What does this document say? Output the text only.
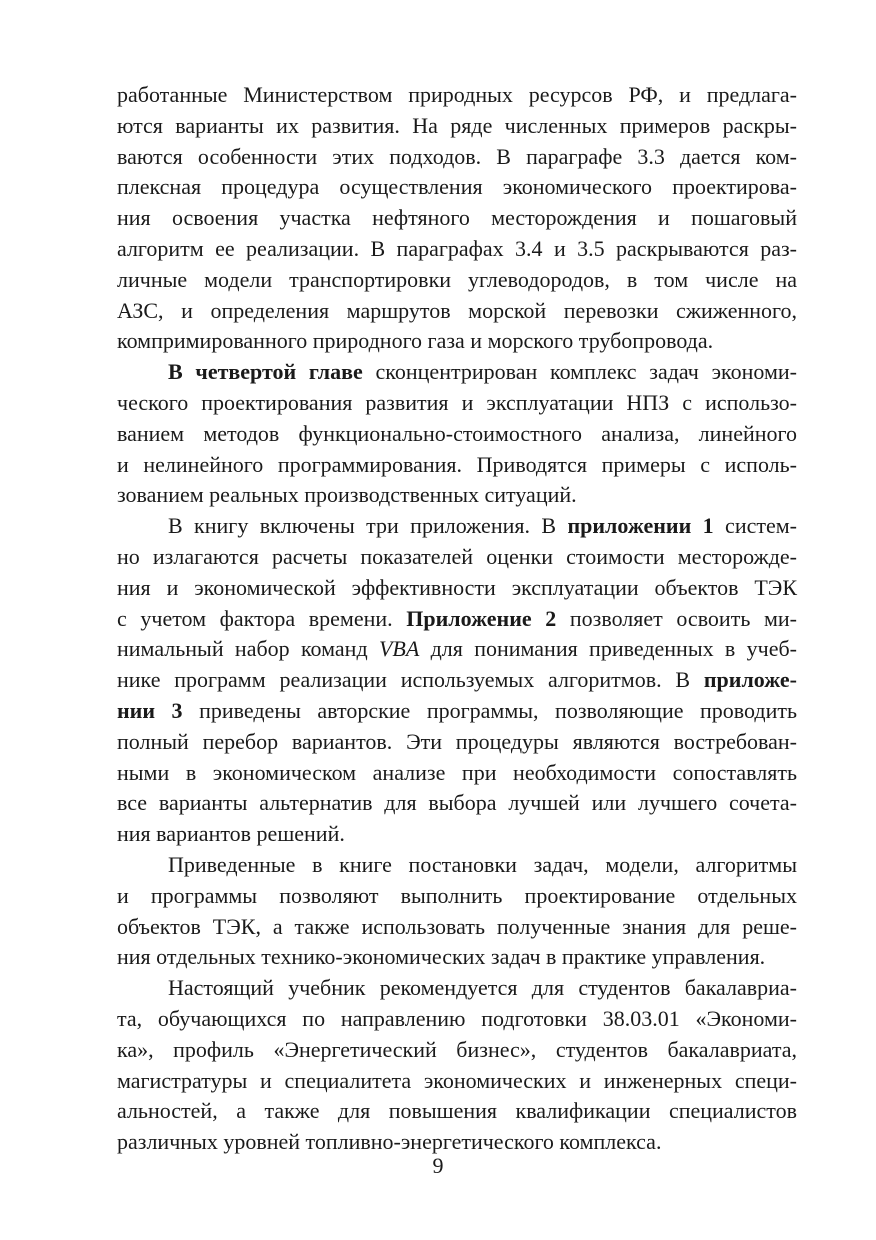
работанные Министерством природных ресурсов РФ, и предлага-
ются варианты их развития. На ряде численных примеров раскры-
ваются особенности этих подходов. В параграфе 3.3 дается ком-
плексная процедура осуществления экономического проектирова-
ния освоения участка нефтяного месторождения и пошаговый
алгоритм ее реализации. В параграфах 3.4 и 3.5 раскрываются раз-
личные модели транспортировки углеводородов, в том числе на
АЗС, и определения маршрутов морской перевозки сжиженного,
компримированного природного газа и морского трубопровода.
В четвертой главе сконцентрирован комплекс задач экономи-
ческого проектирования развития и эксплуатации НПЗ с использо-
ванием методов функционально-стоимостного анализа, линейного
и нелинейного программирования. Приводятся примеры с исполь-
зованием реальных производственных ситуаций.
В книгу включены три приложения. В приложении 1 систем-
но излагаются расчеты показателей оценки стоимости месторожде-
ния и экономической эффективности эксплуатации объектов ТЭК
с учетом фактора времени. Приложение 2 позволяет освоить ми-
нимальный набор команд VBA для понимания приведенных в учеб-
нике программ реализации используемых алгоритмов. В приложе-
нии 3 приведены авторские программы, позволяющие проводить
полный перебор вариантов. Эти процедуры являются востребован-
ными в экономическом анализе при необходимости сопоставлять
все варианты альтернатив для выбора лучшей или лучшего сочета-
ния вариантов решений.
Приведенные в книге постановки задач, модели, алгоритмы
и программы позволяют выполнить проектирование отдельных
объектов ТЭК, а также использовать полученные знания для реше-
ния отдельных технико-экономических задач в практике управления.
Настоящий учебник рекомендуется для студентов бакалавриа-
та, обучающихся по направлению подготовки 38.03.01 «Экономи-
ка», профиль «Энергетический бизнес», студентов бакалавриата,
магистратуры и специалитета экономических и инженерных специ-
альностей, а также для повышения квалификации специалистов
различных уровней топливно-энергетического комплекса.
9
